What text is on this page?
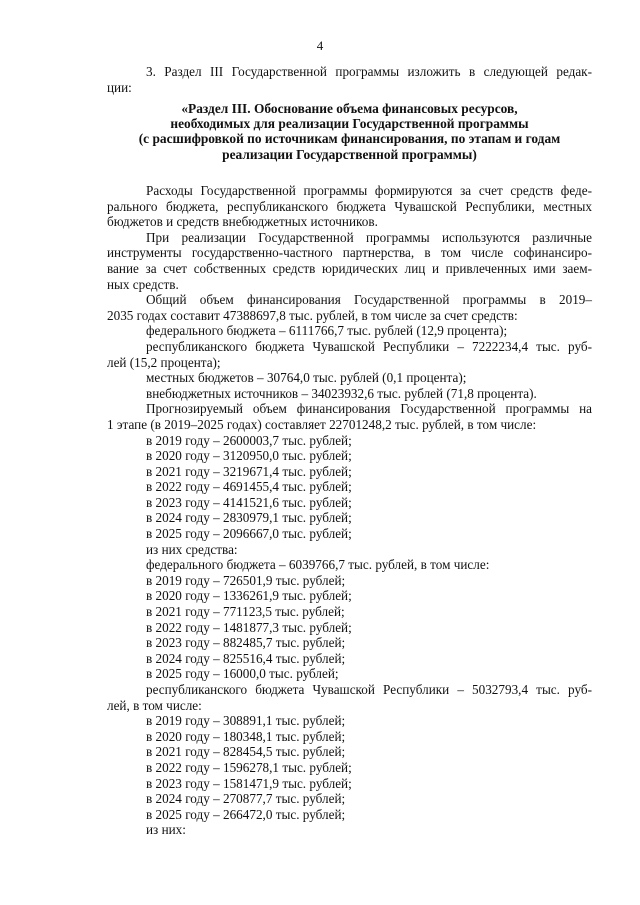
4
3. Раздел III Государственной программы изложить в следующей редак-
ции:
«Раздел III. Обоснование объема финансовых ресурсов,
необходимых для реализации Государственной программы
(с расшифровкой по источникам финансирования, по этапам и годам
реализации Государственной программы)
Расходы Государственной программы формируются за счет средств феде-
рального бюджета, республиканского бюджета Чувашской Республики, местных
бюджетов и средств внебюджетных источников.
При реализации Государственной программы используются различные
инструменты государственно-частного партнерства, в том числе софинансиро-
вание за счет собственных средств юридических лиц и привлеченных ими заем-
ных средств.
Общий объем финансирования Государственной программы в 2019–
2035 годах составит 47388697,8 тыс. рублей, в том числе за счет средств:
федерального бюджета – 6111766,7 тыс. рублей (12,9 процента);
республиканского бюджета Чувашской Республики – 7222234,4 тыс. руб-
лей (15,2 процента);
местных бюджетов – 30764,0 тыс. рублей (0,1 процента);
внебюджетных источников – 34023932,6 тыс. рублей (71,8 процента).
Прогнозируемый объем финансирования Государственной программы на
1 этапе (в 2019–2025 годах) составляет 22701248,2 тыс. рублей, в том числе:
в 2019 году – 2600003,7 тыс. рублей;
в 2020 году – 3120950,0 тыс. рублей;
в 2021 году – 3219671,4 тыс. рублей;
в 2022 году – 4691455,4 тыс. рублей;
в 2023 году – 4141521,6 тыс. рублей;
в 2024 году – 2830979,1 тыс. рублей;
в 2025 году – 2096667,0 тыс. рублей;
из них средства:
федерального бюджета – 6039766,7 тыс. рублей, в том числе:
в 2019 году – 726501,9 тыс. рублей;
в 2020 году – 1336261,9 тыс. рублей;
в 2021 году – 771123,5 тыс. рублей;
в 2022 году – 1481877,3 тыс. рублей;
в 2023 году – 882485,7 тыс. рублей;
в 2024 году – 825516,4 тыс. рублей;
в 2025 году – 16000,0 тыс. рублей;
республиканского бюджета Чувашской Республики – 5032793,4 тыс. руб-
лей, в том числе:
в 2019 году – 308891,1 тыс. рублей;
в 2020 году – 180348,1 тыс. рублей;
в 2021 году – 828454,5 тыс. рублей;
в 2022 году – 1596278,1 тыс. рублей;
в 2023 году – 1581471,9 тыс. рублей;
в 2024 году – 270877,7 тыс. рублей;
в 2025 году – 266472,0 тыс. рублей;
из них:
